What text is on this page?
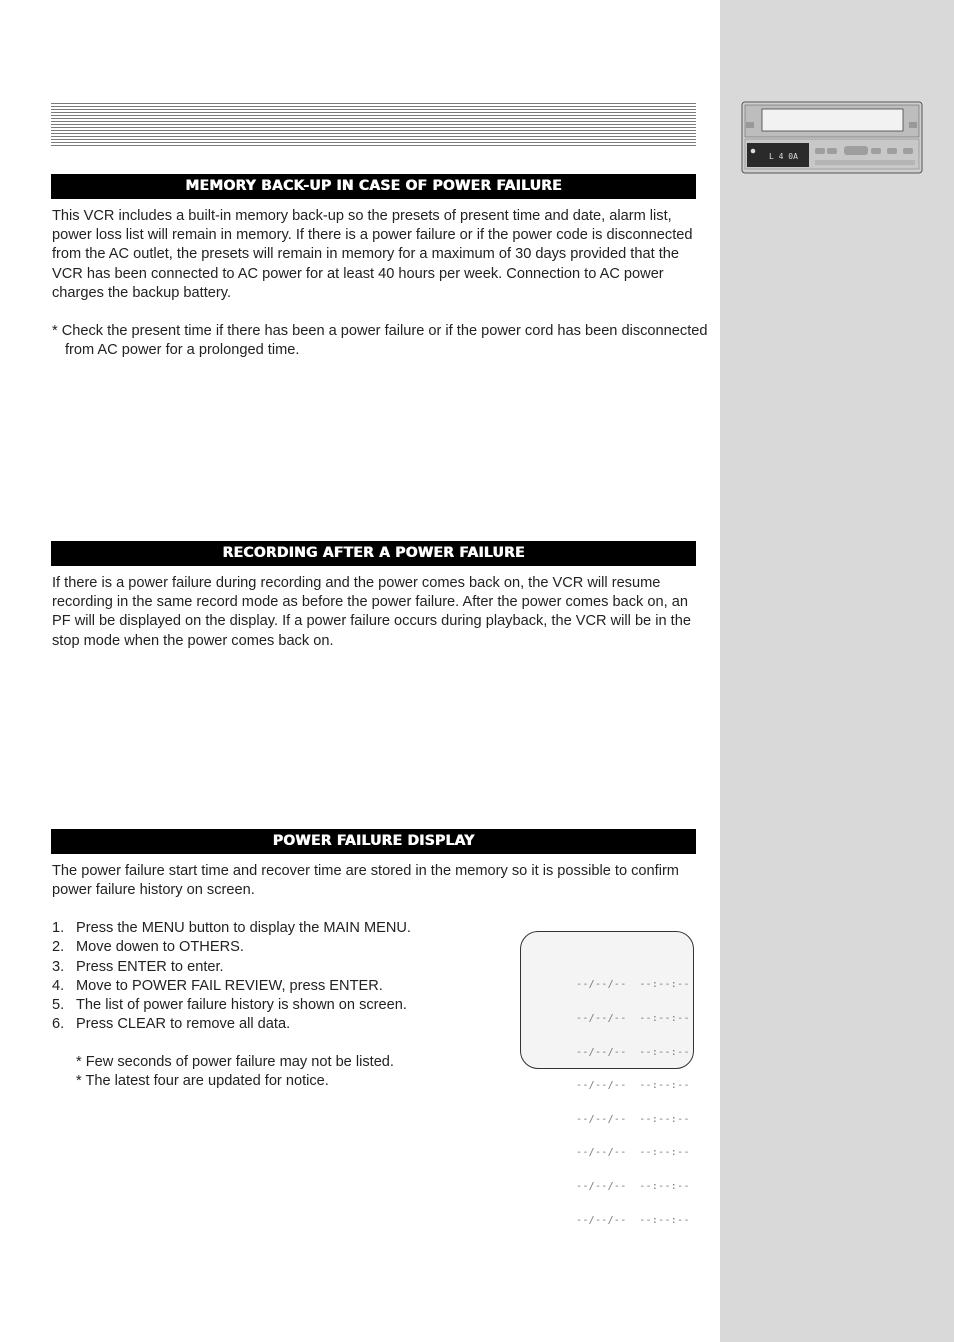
L 4 0A
MEMORY BACK-UP IN CASE OF POWER FAILURE

This VCR includes a built-in memory back-up so the presets of present time and date, alarm list, power loss list will remain in memory. If there is a power failure or if the power code is disconnected from the AC outlet, the presets will remain in memory for a maximum of 30 days provided that the VCR has been connected to AC power for at least 40 hours per week. Connection to AC power charges the backup battery.

* Check the present time if there has been a power failure or if the power cord has been disconnected from AC power for a prolonged time.

RECORDING AFTER A POWER FAILURE

If there is a power failure during recording and the power comes back on, the VCR will resume recording in the same record mode as before the power failure. After the power comes back on, an PF will be displayed on the display. If a power failure occurs during playback, the VCR will be in the stop mode when the power comes back on.

POWER FAILURE DISPLAY

The power failure start time and recover time are stored in the memory so it is possible to confirm power failure history on screen.

1. Press the MENU button to display the MAIN MENU.
2. Move dowen to OTHERS.
3. Press ENTER to enter.
4. Move to POWER FAIL REVIEW, press ENTER.
5. The list of power failure history is shown on screen.
6. Press CLEAR to remove all data.
* Few seconds of power failure may not be listed.
* The latest four are updated for notice.

--/--/--  --:--:--

--/--/--  --:--:--

--/--/--  --:--:--

--/--/--  --:--:--

--/--/--  --:--:--

--/--/--  --:--:--

--/--/--  --:--:--

--/--/--  --:--:--
